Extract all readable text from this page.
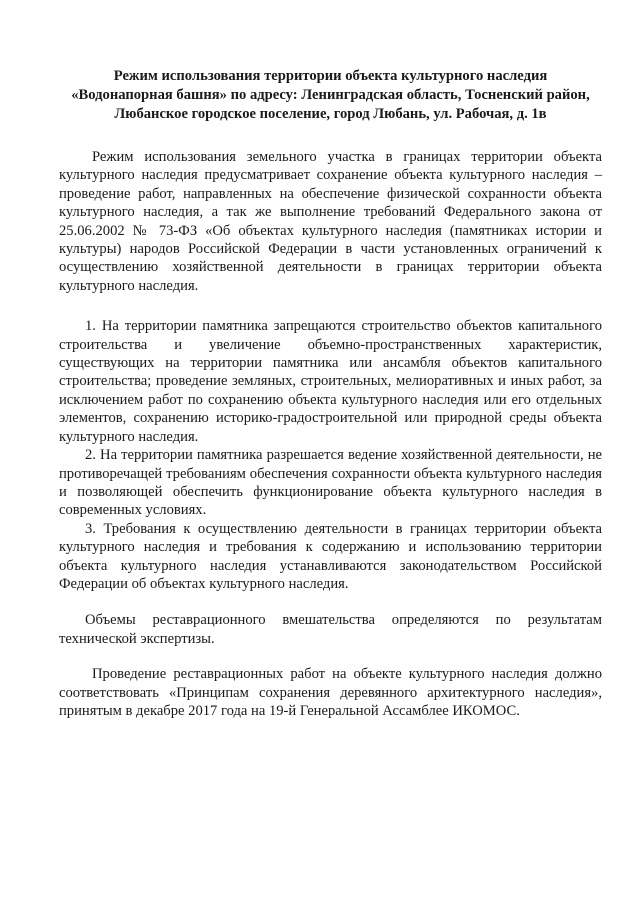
Режим использования территории объекта культурного наследия
«Водонапорная башня» по адресу: Ленинградская область, Тосненский район,
Любанское городское поселение, город Любань, ул. Рабочая, д. 1в

Режим использования земельного участка в границах территории объекта культурного наследия предусматривает сохранение объекта культурного наследия – проведение работ, направленных на обеспечение физической сохранности объекта культурного наследия, а так же выполнение требований Федерального закона от 25.06.2002 № 73-ФЗ «Об объектах культурного наследия (памятниках истории и культуры) народов Российской Федерации в части установленных ограничений к осуществлению хозяйственной деятельности в границах территории объекта культурного наследия.

1. На территории памятника запрещаются строительство объектов капитального строительства и увеличение объемно-пространственных характеристик, существующих на территории памятника или ансамбля объектов капитального строительства; проведение земляных, строительных, мелиоративных и иных работ, за исключением работ по сохранению объекта культурного наследия или его отдельных элементов, сохранению историко-градостроительной или природной среды объекта культурного наследия.

2. На территории памятника разрешается ведение хозяйственной деятельности, не противоречащей требованиям обеспечения сохранности объекта культурного наследия и позволяющей обеспечить функционирование объекта культурного наследия в современных условиях.

3. Требования к осуществлению деятельности в границах территории объекта культурного наследия и требования к содержанию и использованию территории объекта культурного наследия устанавливаются законодательством Российской Федерации об объектах культурного наследия.

Объемы реставрационного вмешательства определяются по результатам технической экспертизы.

Проведение реставрационных работ на объекте культурного наследия должно соответствовать «Принципам сохранения деревянного архитектурного наследия», принятым в декабре 2017 года на 19-й Генеральной Ассамблее ИКОМОС.
